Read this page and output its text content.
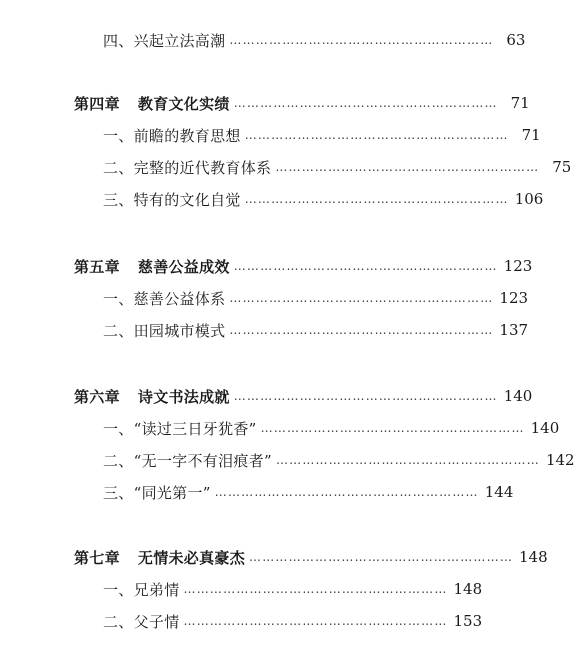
四、兴起立法高潮 …………………………………………………… 63
第四章 教育文化实绩 …………………………………………………… 71
一、前瞻的教育思想 …………………………………………………… 71
二、完整的近代教育体系 …………………………………………………… 75
三、特有的文化自觉 …………………………………………………… 106
第五章 慈善公益成效 …………………………………………………… 123
一、慈善公益体系 …………………………………………………… 123
二、田园城市模式 …………………………………………………… 137
第六章 诗文书法成就 …………………………………………………… 140
一、“读过三日牙犹香” …………………………………………………… 140
二、“无一字不有泪痕者” …………………………………………………… 142
三、“同光第一” …………………………………………………… 144
第七章 无情未必真豪杰 …………………………………………………… 148
一、兄弟情 …………………………………………………… 148
二、父子情 …………………………………………………… 153
